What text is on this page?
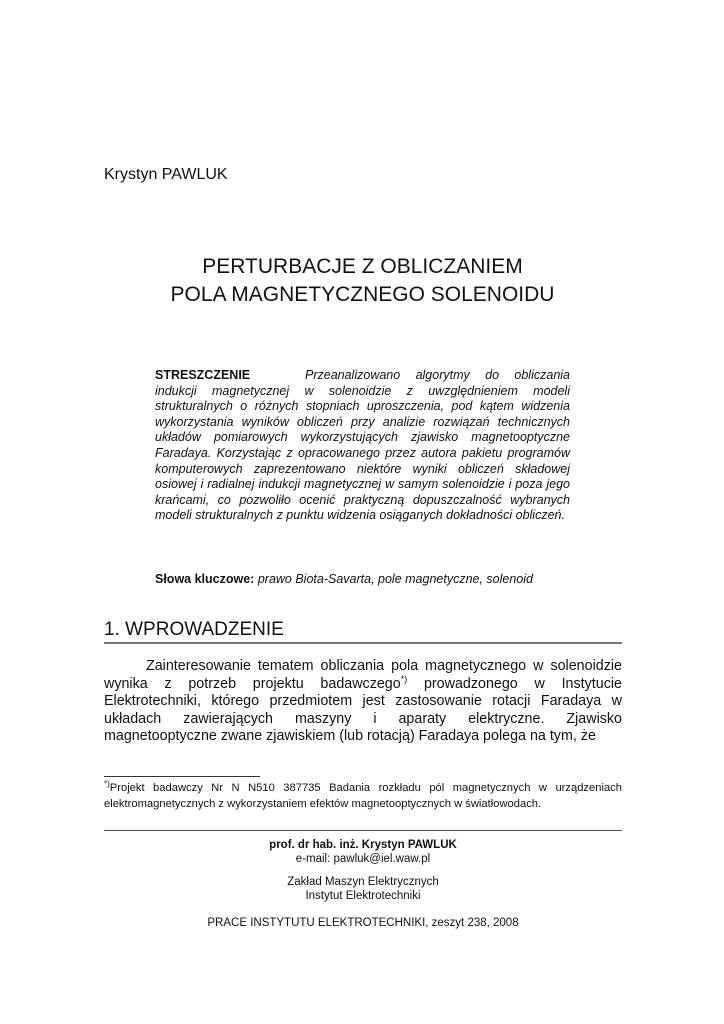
Krystyn PAWLUK
PERTURBACJE Z OBLICZANIEM
POLA MAGNETYCZNEGO SOLENOIDU
STRESZCZENIE	Przeanalizowano algorytmy do obliczania indukcji magnetycznej w solenoidzie z uwzględnieniem modeli strukturalnych o różnych stopniach uproszczenia, pod kątem widzenia wykorzystania wyników obliczeń przy analizie rozwiązań technicznych układów pomiarowych wykorzystujących zjawisko magnetooptyczne Faradaya. Korzystając z opracowanego przez autora pakietu programów komputerowych zaprezentowano niektóre wyniki obliczeń składowej osiowej i radialnej indukcji magnetycznej w samym solenoidzie i poza jego krańcami, co pozwoliło ocenić praktyczną dopuszczalność wybranych modeli strukturalnych z punktu widzenia osiąganych dokładności obliczeń.
Słowa kluczowe: prawo Biota-Savarta, pole magnetyczne, solenoid
1. WPROWADZENIE
Zainteresowanie tematem obliczania pola magnetycznego w solenoidzie wynika z potrzeb projektu badawczego*) prowadzonego w Instytucie Elektrotechniki, którego przedmiotem jest zastosowanie rotacji Faradaya w układach zawierających maszyny i aparaty elektryczne. Zjawisko magnetooptyczne zwane zjawiskiem (lub rotacją) Faradaya polega na tym, że
*)Projekt badawczy Nr N N510 387735 Badania rozkładu pól magnetycznych w urządzeniach elektromagnetycznych z wykorzystaniem efektów magnetooptycznych w światłowodach.
prof. dr hab. inż. Krystyn PAWLUK
e-mail: pawluk@iel.waw.pl
Zakład Maszyn Elektrycznych
Instytut Elektrotechniki
PRACE INSTYTUTU ELEKTROTECHNIKI, zeszyt 238, 2008
